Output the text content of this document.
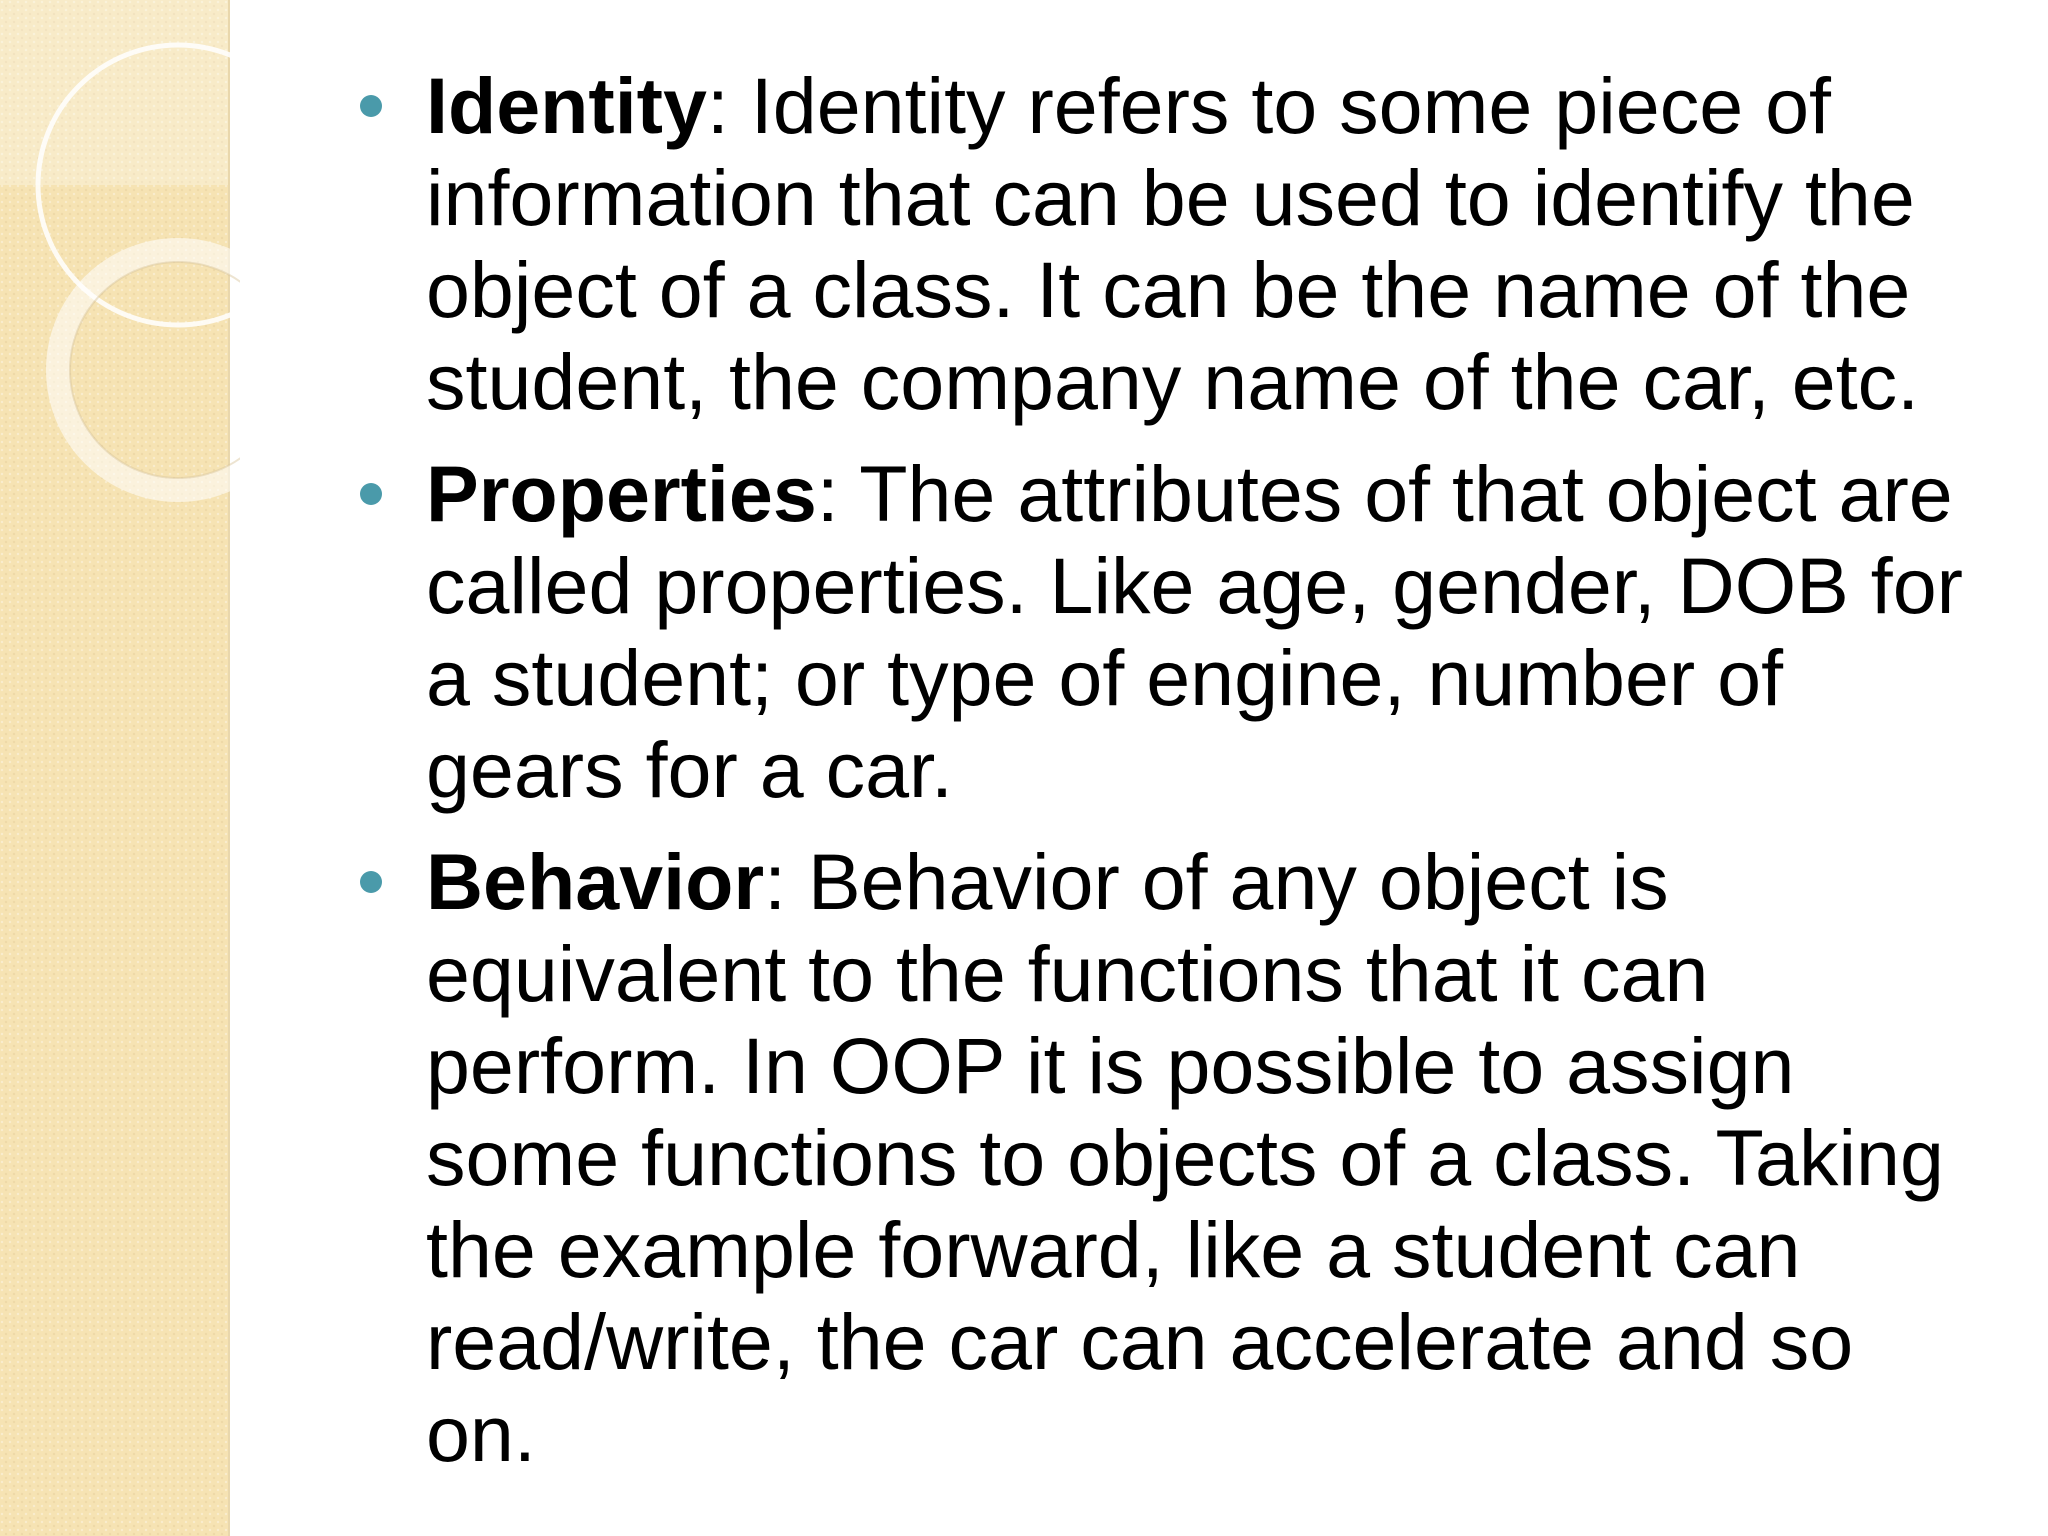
Identity: Identity refers to some piece of information that can be used to identify the object of a class. It can be the name of the student, the company name of the car, etc.
Properties: The attributes of that object are called properties. Like age, gender, DOB for a student; or type of engine, number of gears for a car.
Behavior: Behavior of any object is equivalent to the functions that it can perform. In OOP it is possible to assign some functions to objects of a class. Taking the example forward, like a student can read/write, the car can accelerate and so on.
